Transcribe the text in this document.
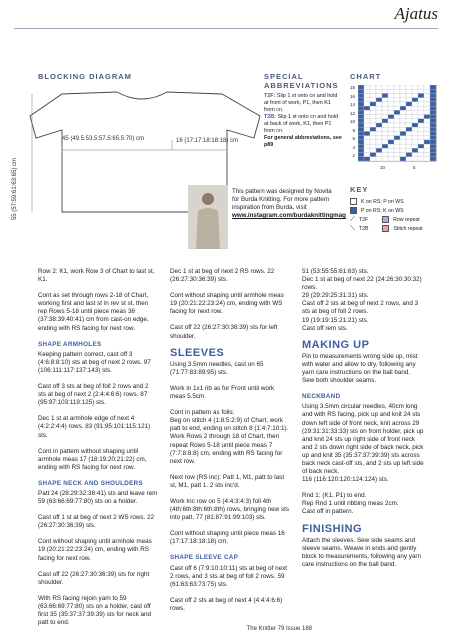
Ajatus
BLOCKING DIAGRAM
45 (49.5:53.5:57.5:65.5:70) cm	16 (17:17:18:18:18) cm
55 (57:59:61:63:65) cm
SPECIAL ABBREVIATIONS
T2F: Slip 1 st onto cn and hold at front of work, P1, then K1 from cn.
T2B: Slip 1 st onto cn and hold at back of work, K1, then P1 from cn.
For general abbreviations, see p89
CHART
18
16
14
12
10
8
6
4
2
10	5
This pattern was designed by Novita for Burda Knitting. For more pattern inspiration from Burda, visit www.instagram.com/burdaknittingmag
KEY
K on RS; P on WS
P on RS; K on WS
⟋ T2F	Row repeat
⟍ T2B	Stitch repeat

Row 2: K1, work Row 3 of Chart to last st, K1.

Cont as set through rows 2-18 of Chart, working first and last st in rev st st, then rep Rows 5-18 until piece meas 36 (37:38:39:40:41) cm from cast-on edge, ending with RS facing for next row.

SHAPE ARMHOLES

Keeping pattern correct, cast off 3 (4:6:8:8:10) sts at beg of next 2 rows. 97 (106:111:117:137:143) sts.

Cast off 3 sts at beg of foll 2 rows and 2 sts at beg of next 2 (2:4:4:6:6) rows. 87 (95:97:103:119:125) sts.

Dec 1 st at armhole edge of next 4 (4:2:2:4:4) rows. 83 (91:95:101:115:121) sts.

Cont in pattern without shaping until armhole meas 17 (18:19:20:21:22) cm, ending with RS facing for next row.

SHAPE NECK AND SHOULDERS

Patt 24 (28:29:32:38:41) sts and leave rem 59 (63:66:69:77:80) sts on a holder.

Cast off 1 st at beg of next 2 WS rows. 22 (26:27:30:36:39) sts.

Cont without shaping until armhole meas 19 (20:21:22:23:24) cm, ending with RS facing for next row.

Cast off 22 (26:27:30:36:39) sts for right shoulder.

With RS facing rejoin yarn to 59 (63:66:69:77:80) sts on a holder, cast off first 35 (35:37:37:39:39) sts for neck and patt to end.

Dec 1 st at beg of next 2 RS rows. 22 (26:27:30:36:39) sts.

Cont without shaping until armhole meas 19 (20:21:22:23:24) cm, ending with WS facing for next row.

Cast off 22 (26:27:30:36:39) sts for left shoulder.

SLEEVES

Using 3.5mm needles, cast on 65 (71:77:83:89:95) sts.

Work in 1x1 rib as for Front until work meas 5.5cm.

Cont in pattern as folls:

Beg on stitch 4 (1:8:5:2:9) of Chart, work patt to end, ending on stitch 8 (1:4:7:10:1). Work Rows 2 through 18 of Chart, then repeat Rows 5-18 until piece meas 7 (7:7:8:8:8) cm, ending with RS facing for next row.

Next row (RS inc): Patt 1, M1, patt to last st, M1, patt 1. 2 sts inc'd.

Work Inc row on 5 (4:4:3:4:3) foll 4th (4th:6th:8th:6th:8th) rows, bringing new sts into patt. 77 (81:87:91:99:103) sts.

Cont without shaping until piece meas 16 (17:17:18:18:18) cm.

SHAPE SLEEVE CAP

Cast off 6 (7:9:10:10:11) sts at beg of next 2 rows, and 3 sts at beg of foll 2 rows. 59 (61:63:63:73:75) sts.

Cast off 2 sts at beg of next 4 (4:4:4:6:6) rows.

51 (53:55:55:61:63) sts.

Dec 1 st at beg of next 22 (24:26:30:30:32) rows.

29 (29:29:25:31:31) sts.

Cast off 2 sts at beg of next 2 rows, and 3 sts at beg of foll 2 rows.

19 (19:19:15:21:21) sts.

Cast off rem sts.

MAKING UP

Pin to measurements wrong side up, mist with water and allow to dry, following any yarn care instructions on the ball band. Sew both shoulder seams.

NECKBAND

Using 3.5mm circular needles, 40cm long and with RS facing, pick up and knit 24 sts down left side of front neck, knit across 29 (29:31:31:33:33) sts on front holder, pick up and knit 24 sts up right side of front neck and 2 sts down right side of back neck, pick up and knit 35 (35:37:37:39:39) sts across back neck cast-off sts, and 2 sts up left side of back neck.

116 (116:120:120:124:124) sts.

Rnd 1: (K1, P1) to end.

Rep Rnd 1 until ribbing meas 2cm.

Cast off in pattern.

FINISHING

Attach the sleeves. Sew side seams and sleeve seams. Weave in ends and gently block to measurements, following any yarn care instructions on the ball band.

The Knitter 79 Issue 188
